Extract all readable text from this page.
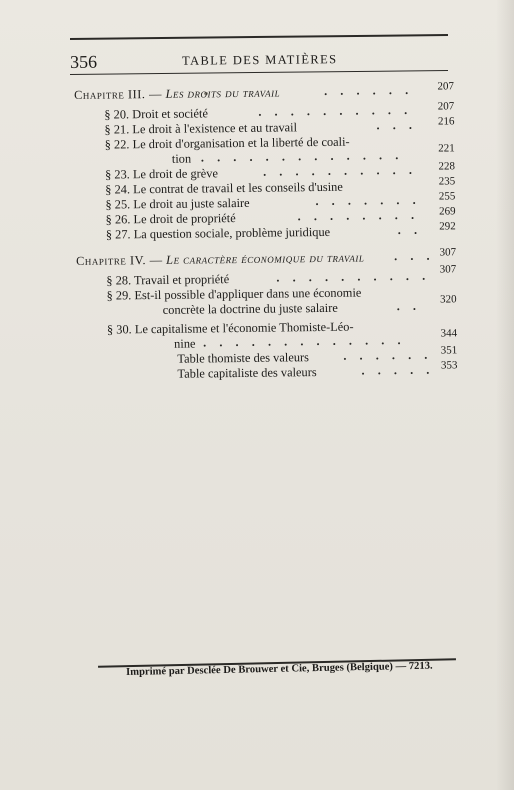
356	TABLE DES MATIÈRES
Chapitre III. — Les droits du travail	. . . . . . 207
§ 20. Droit et société	. . . . . . . . . . 207
§ 21. Le droit à l'existence et au travail	. . . 216
§ 22. Le droit d'organisation et la liberté de coali-
tion . . . . . . . . . . . . .	221
§ 23. Le droit de grève	. . . . . . . . . . 228
§ 24. Le contrat de travail et les conseils d'usine	235
§ 25. Le droit au juste salaire	. . . . . . . 255
§ 26. Le droit de propriété	. . . . . . . . 269
§ 27. La question sociale, problème juridique	. . 292
Chapitre IV. — Le caractère économique du travail . . . 307
§ 28. Travail et propriété	. . . . . . . . . . 307
§ 29. Est-il possible d'appliquer dans une économie
concrète la doctrine du juste salaire	. . 320
§ 30. Le capitalisme et l'économie Thomiste-Léo-
nine . . . . . . . . . . . . .	344
Table thomiste des valeurs	. . . . . . 351
Table capitaliste des valeurs	. . . . . 353
Imprimé par Desclée De Brouwer et Cie, Bruges (Belgique) — 7213.
